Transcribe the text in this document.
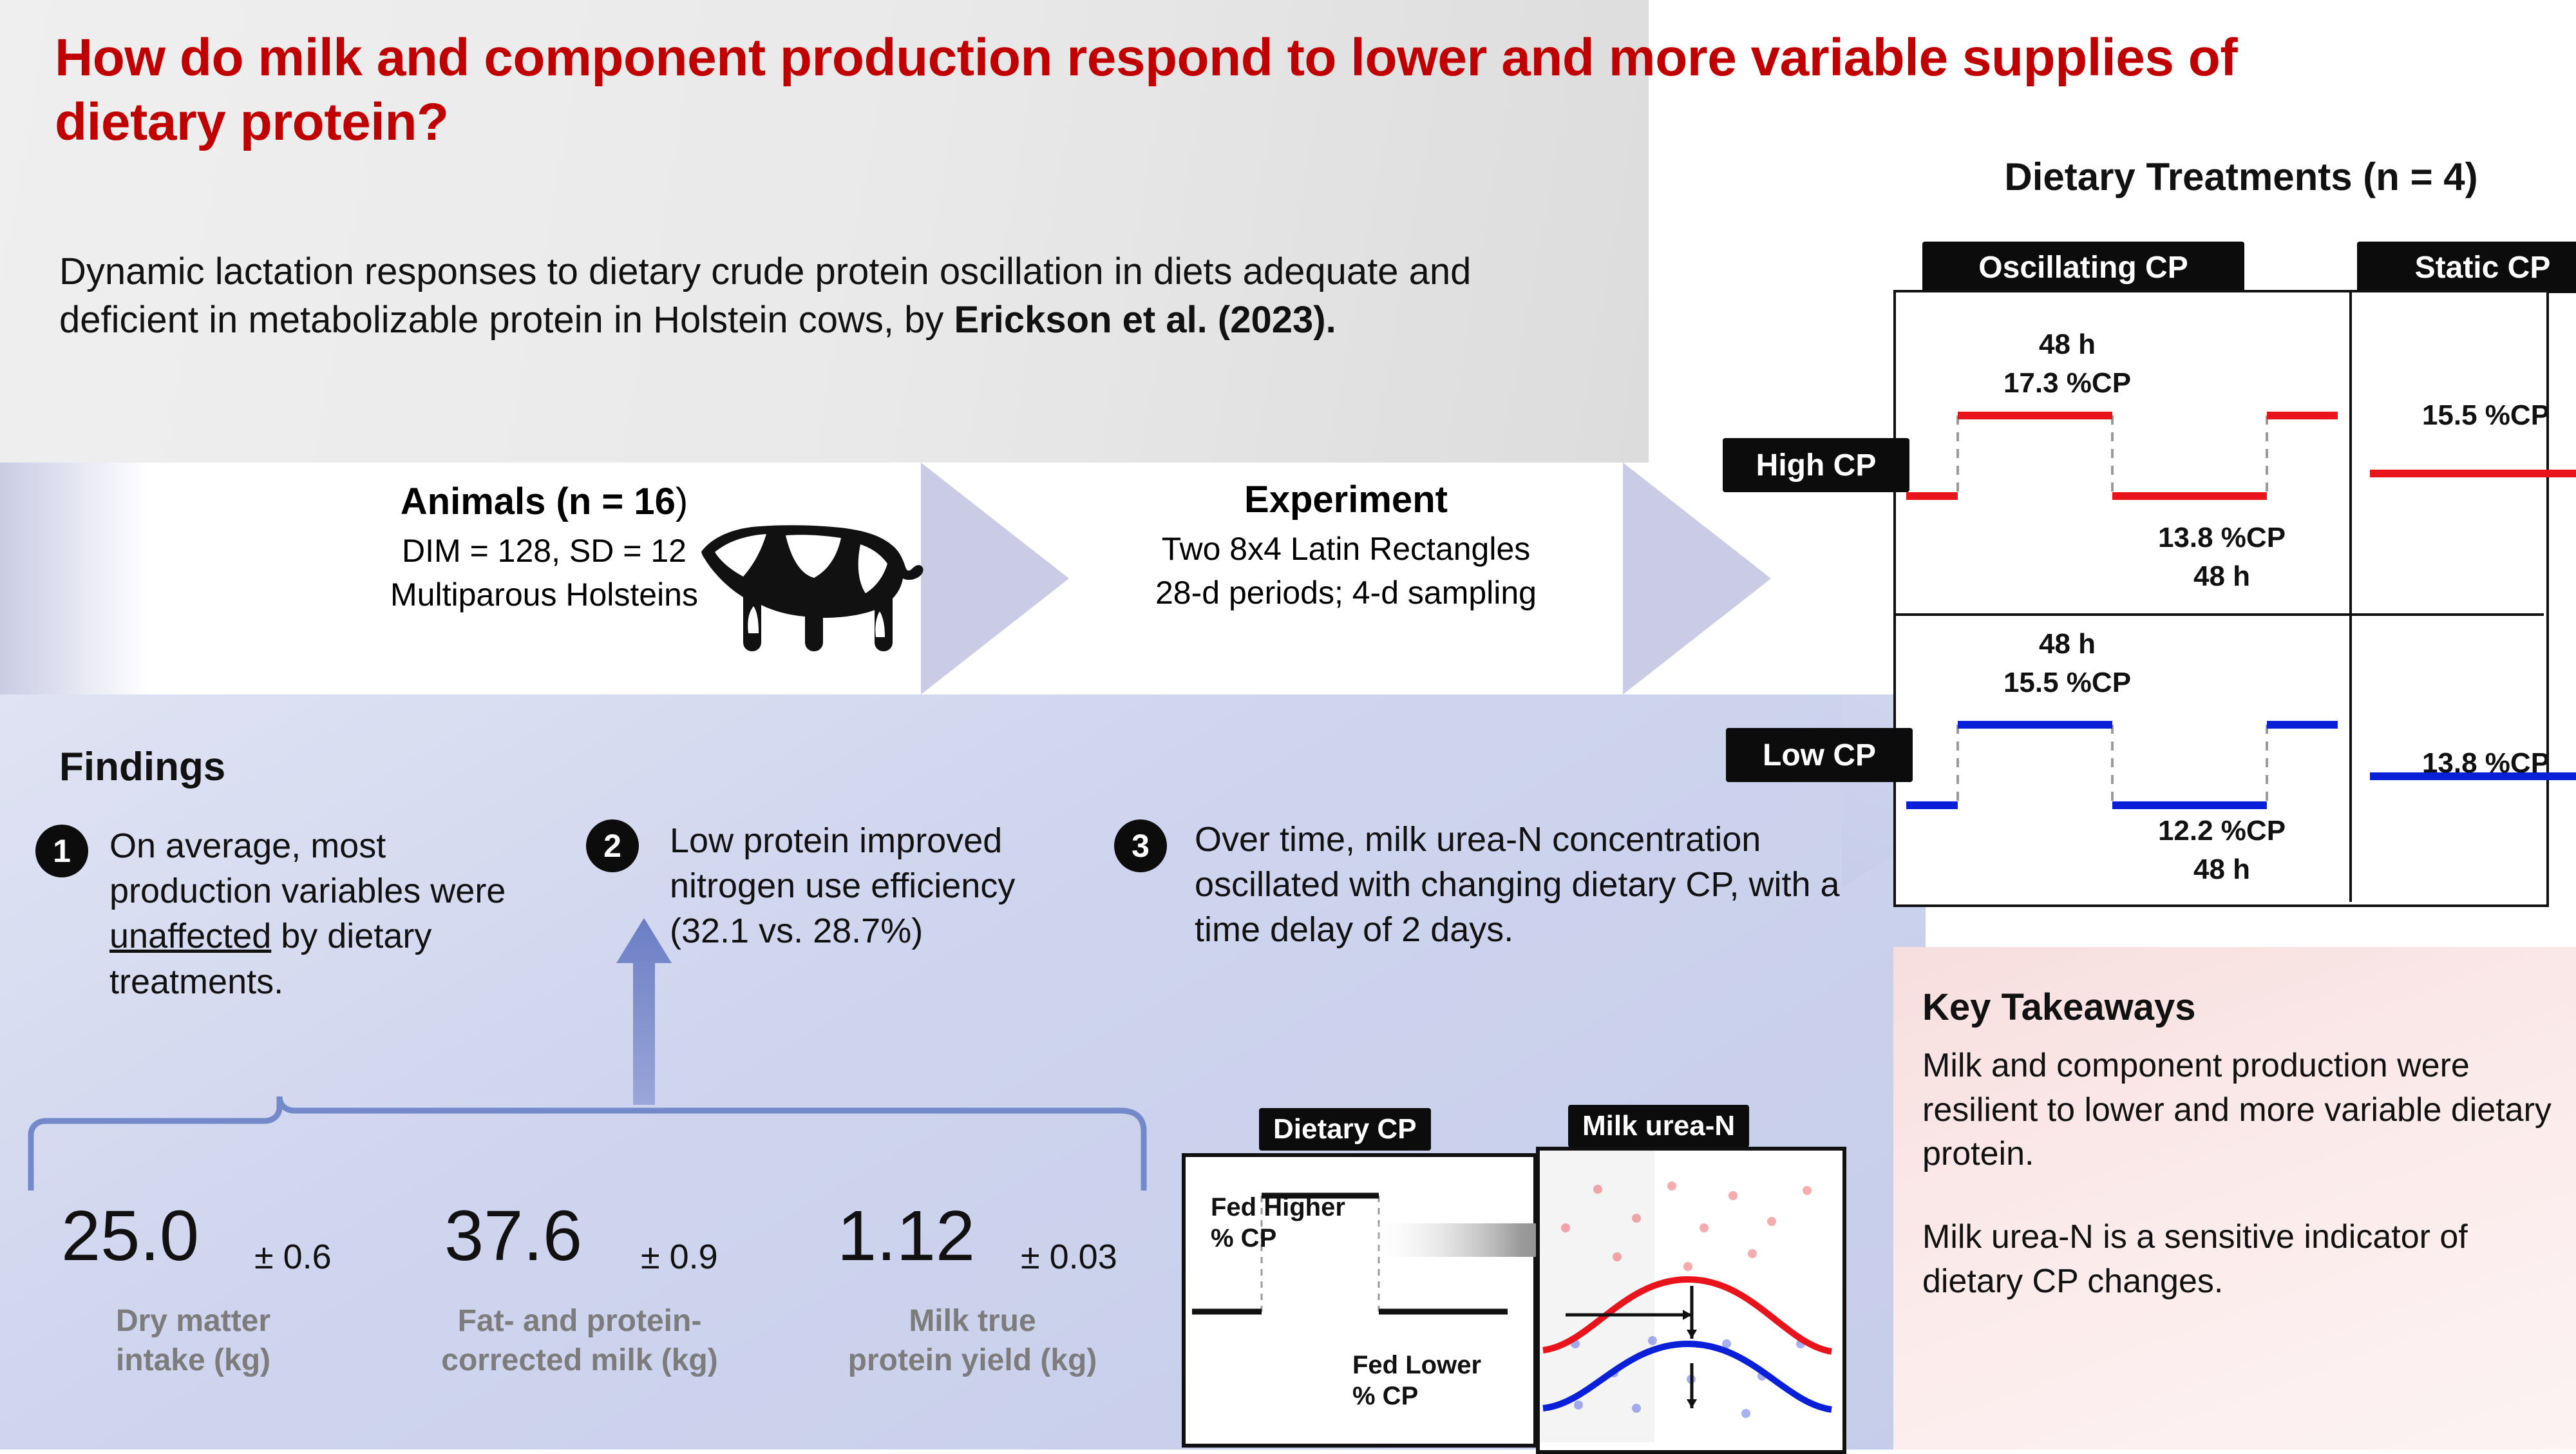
How do milk and component production respond to lower and more variable supplies of dietary protein?
Dynamic lactation responses to dietary crude protein oscillation in diets adequate and deficient in metabolizable protein in Holstein cows, by Erickson et al. (2023).
Animals (n = 16)
DIM = 128, SD = 12
Multiparous Holsteins
Experiment
Two 8x4 Latin Rectangles
28-d periods; 4-d sampling
Findings
1	On average, most production variables were unaffected by dietary treatments.
2	Low protein improved nitrogen use efficiency (32.1 vs. 28.7%)
3	Over time, milk urea-N concentration oscillated with changing dietary CP, with a time delay of 2 days.
25.0 ± 0.6
Dry matter
intake (kg)
37.6 ± 0.9
Fat- and protein-
corrected milk (kg)
1.12 ± 0.03
Milk true
protein yield (kg)
Dietary Treatments (n = 4)
Oscillating CP	Static CP
High CP
Low CP
48 h
17.3 %CP
13.8 %CP
48 h
15.5 %CP
48 h
15.5 %CP
12.2 %CP
48 h
13.8 %CP
Dietary CP	Milk urea-N
Fed Higher
% CP
Fed Lower
% CP
Key Takeaways
Milk and component production were resilient to lower and more variable dietary protein.
Milk urea-N is a sensitive indicator of dietary CP changes.
